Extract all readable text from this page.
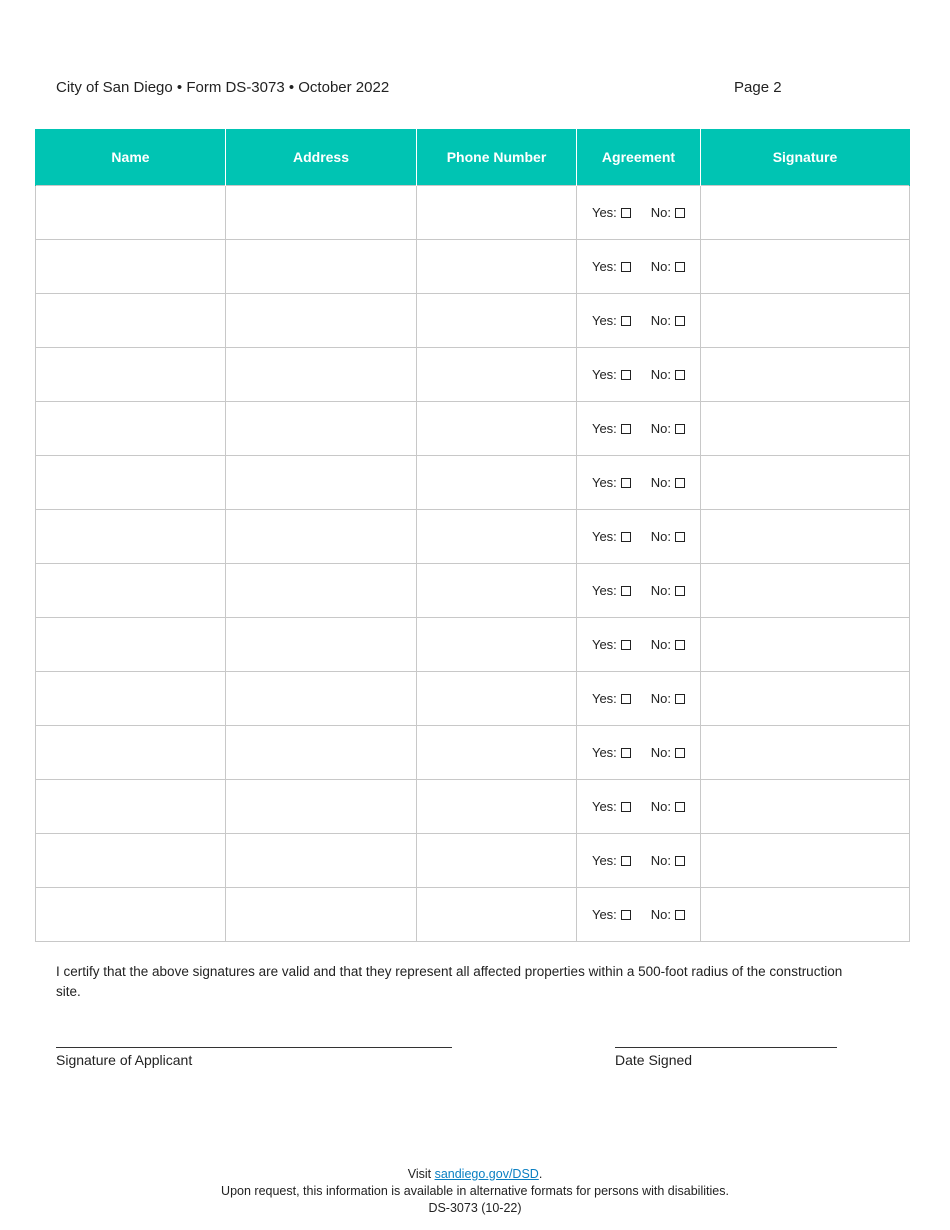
City of San Diego • Form DS-3073 • October 2022	Page 2
Name	Address	Phone Number	Agreement	Signature
			Yes: No:	
			Yes: No:	
			Yes: No:	
			Yes: No:	
			Yes: No:	
			Yes: No:	
			Yes: No:	
			Yes: No:	
			Yes: No:	
			Yes: No:	
			Yes: No:	
			Yes: No:	
			Yes: No:	
			Yes: No:	
I certify that the above signatures are valid and that they represent all affected properties within a 500-foot radius of the construction site.
Signature of Applicant	Date Signed
Visit sandiego.gov/DSD.
Upon request, this information is available in alternative formats for persons with disabilities.
DS-3073 (10-22)
